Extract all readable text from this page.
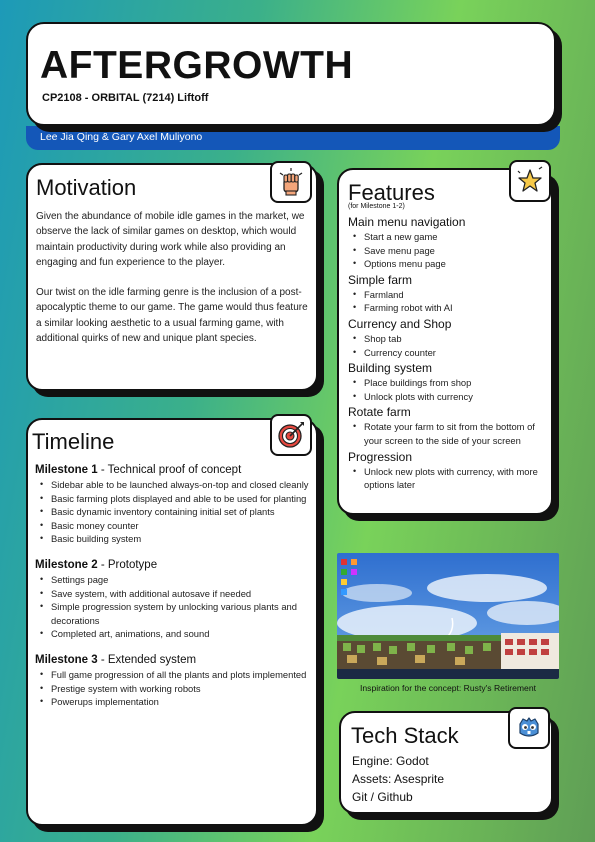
Lee Jia Qing & Gary Axel Muliyono
AFTERGROWTH
CP2108 - ORBITAL (7214) Liftoff
Motivation

Given the abundance of mobile idle games in the market, we observe the lack of similar games on desktop, which would maintain productivity during work while also providing an engaging and fun experience to the player.

Our twist on the idle farming genre is the inclusion of a post-apocalyptic theme to our game. The game would thus feature a similar looking aesthetic to a usual farming game, with additional quirks of new and unique plant species.

Features
(for Milestone 1-2)
Main menu navigation
• Start a new game
• Save menu page
• Options menu page
Simple farm
• Farmland
• Farming robot with AI
Currency and Shop
• Shop tab
• Currency counter
Building system
• Place buildings from shop
• Unlock plots with currency
Rotate farm
• Rotate your farm to sit from the bottom of your screen to the side of your screen
Progression
• Unlock new plots with currency, with more options later
Timeline
Milestone 1 - Technical proof of concept
• Sidebar able to be launched always-on-top and closed cleanly
• Basic farming plots displayed and able to be used for planting
• Basic dynamic inventory containing initial set of plants
• Basic money counter
• Basic building system
Milestone 2 - Prototype
• Settings page
• Save system, with additional autosave if needed
• Simple progression system by unlocking various plants and decorations
• Completed art, animations, and sound
Milestone 3 - Extended system
• Full game progression of all the plants and plots implemented
• Prestige system with working robots
• Powerups implementation
Inspiration for the concept: Rusty's Retirement
Tech Stack
Engine: Godot
Assets: Asesprite
Git / Github
